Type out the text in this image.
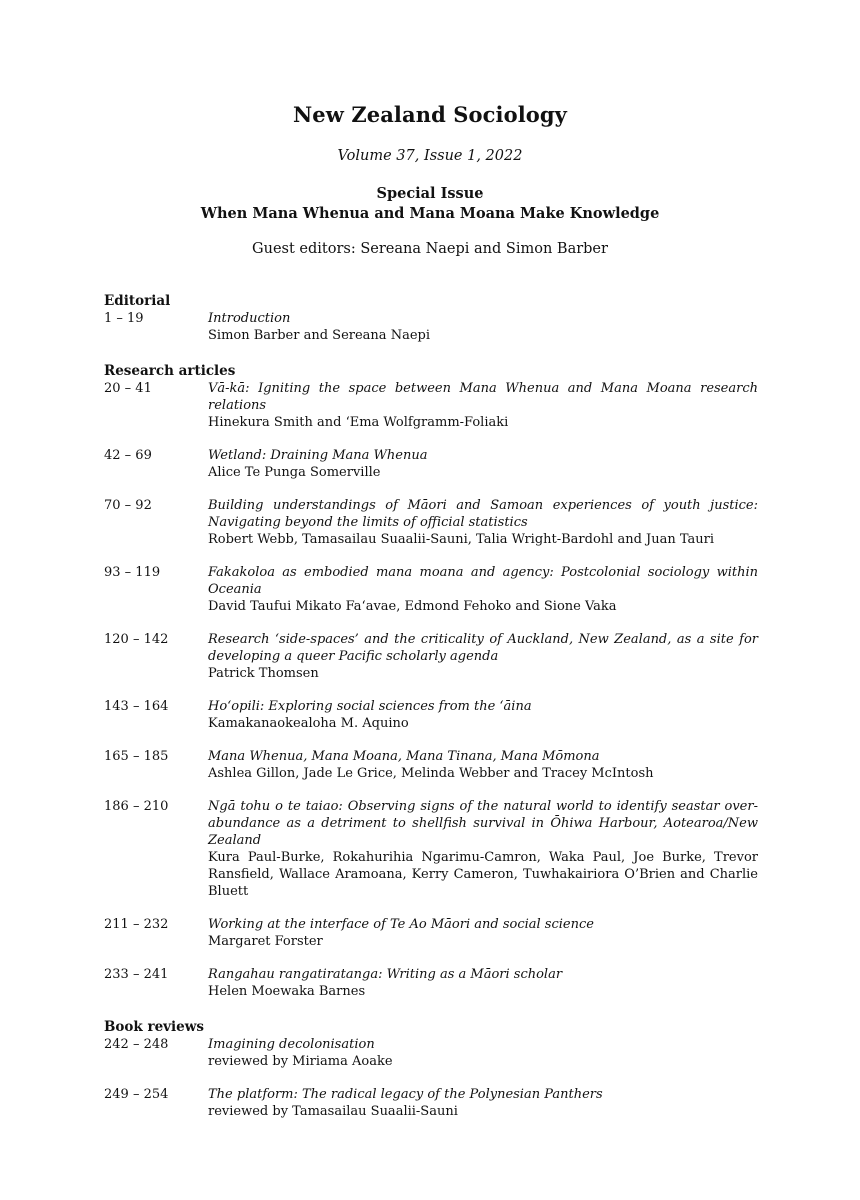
New Zealand Sociology
Volume 37, Issue 1, 2022
Special Issue
When Mana Whenua and Mana Moana Make Knowledge
Guest editors: Sereana Naepi and Simon Barber
Editorial
1 – 19	Introduction
Simon Barber and Sereana Naepi
Research articles
20 – 41	Vā-kā: Igniting the space between Mana Whenua and Mana Moana research relations
Hinekura Smith and ʻEma Wolfgramm-Foliaki
42 – 69	Wetland: Draining Mana Whenua
Alice Te Punga Somerville
70 – 92	Building understandings of Māori and Samoan experiences of youth justice: Navigating beyond the limits of official statistics
Robert Webb, Tamasailau Suaalii-Sauni, Talia Wright-Bardohl and Juan Tauri
93 – 119	Fakakoloa as embodied mana moana and agency: Postcolonial sociology within Oceania
David Taufui Mikato Faʻavae, Edmond Fehoko and Sione Vaka
120 – 142	Research ‘side-spaces’ and the criticality of Auckland, New Zealand, as a site for developing a queer Pacific scholarly agenda
Patrick Thomsen
143 – 164	Hoʻopili: Exploring social sciences from the ʻāina
Kamakanaokealoha M. Aquino
165 – 185	Mana Whenua, Mana Moana, Mana Tinana, Mana Mōmona
Ashlea Gillon, Jade Le Grice, Melinda Webber and Tracey McIntosh
186 – 210	Ngā tohu o te taiao: Observing signs of the natural world to identify seastar over-abundance as a detriment to shellfish survival in Ōhiwa Harbour, Aotearoa/New Zealand
Kura Paul-Burke, Rokahurihia Ngarimu-Camron, Waka Paul, Joe Burke, Trevor Ransfield, Wallace Aramoana, Kerry Cameron, Tuwhakairiora O’Brien and Charlie Bluett
211 – 232	Working at the interface of Te Ao Māori and social science
Margaret Forster
233 – 241	Rangahau rangatiratanga: Writing as a Māori scholar
Helen Moewaka Barnes
Book reviews
242 – 248	Imagining decolonisation
reviewed by Miriama Aoake
249 – 254	The platform: The radical legacy of the Polynesian Panthers
reviewed by Tamasailau Suaalii-Sauni
